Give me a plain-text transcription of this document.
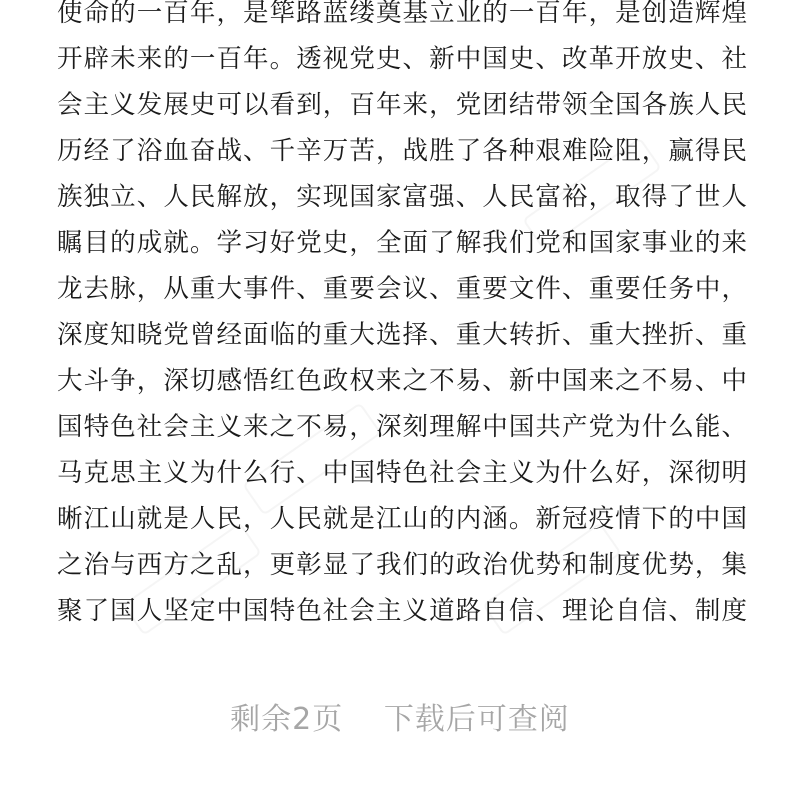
使命的一百年，是筚路蓝缕奠基立业的一百年，是创造辉煌
开辟未来的一百年。透视党史、新中国史、改革开放史、社
会主义发展史可以看到，百年来，党团结带领全国各族人民
历经了浴血奋战、千辛万苦，战胜了各种艰难险阻，赢得民
族独立、人民解放，实现国家富强、人民富裕，取得了世人
瞩目的成就。学习好党史，全面了解我们党和国家事业的来
龙去脉，从重大事件、重要会议、重要文件、重要任务中，
深度知晓党曾经面临的重大选择、重大转折、重大挫折、重
大斗争，深切感悟红色政权来之不易、新中国来之不易、中
国特色社会主义来之不易，深刻理解中国共产党为什么能、
马克思主义为什么行、中国特色社会主义为什么好，深彻明
晰江山就是人民，人民就是江山的内涵。新冠疫情下的中国
之治与西方之乱，更彰显了我们的政治优势和制度优势，集
聚了国人坚定中国特色社会主义道路自信、理论自信、制度
剩余2页 下载后可查阅
